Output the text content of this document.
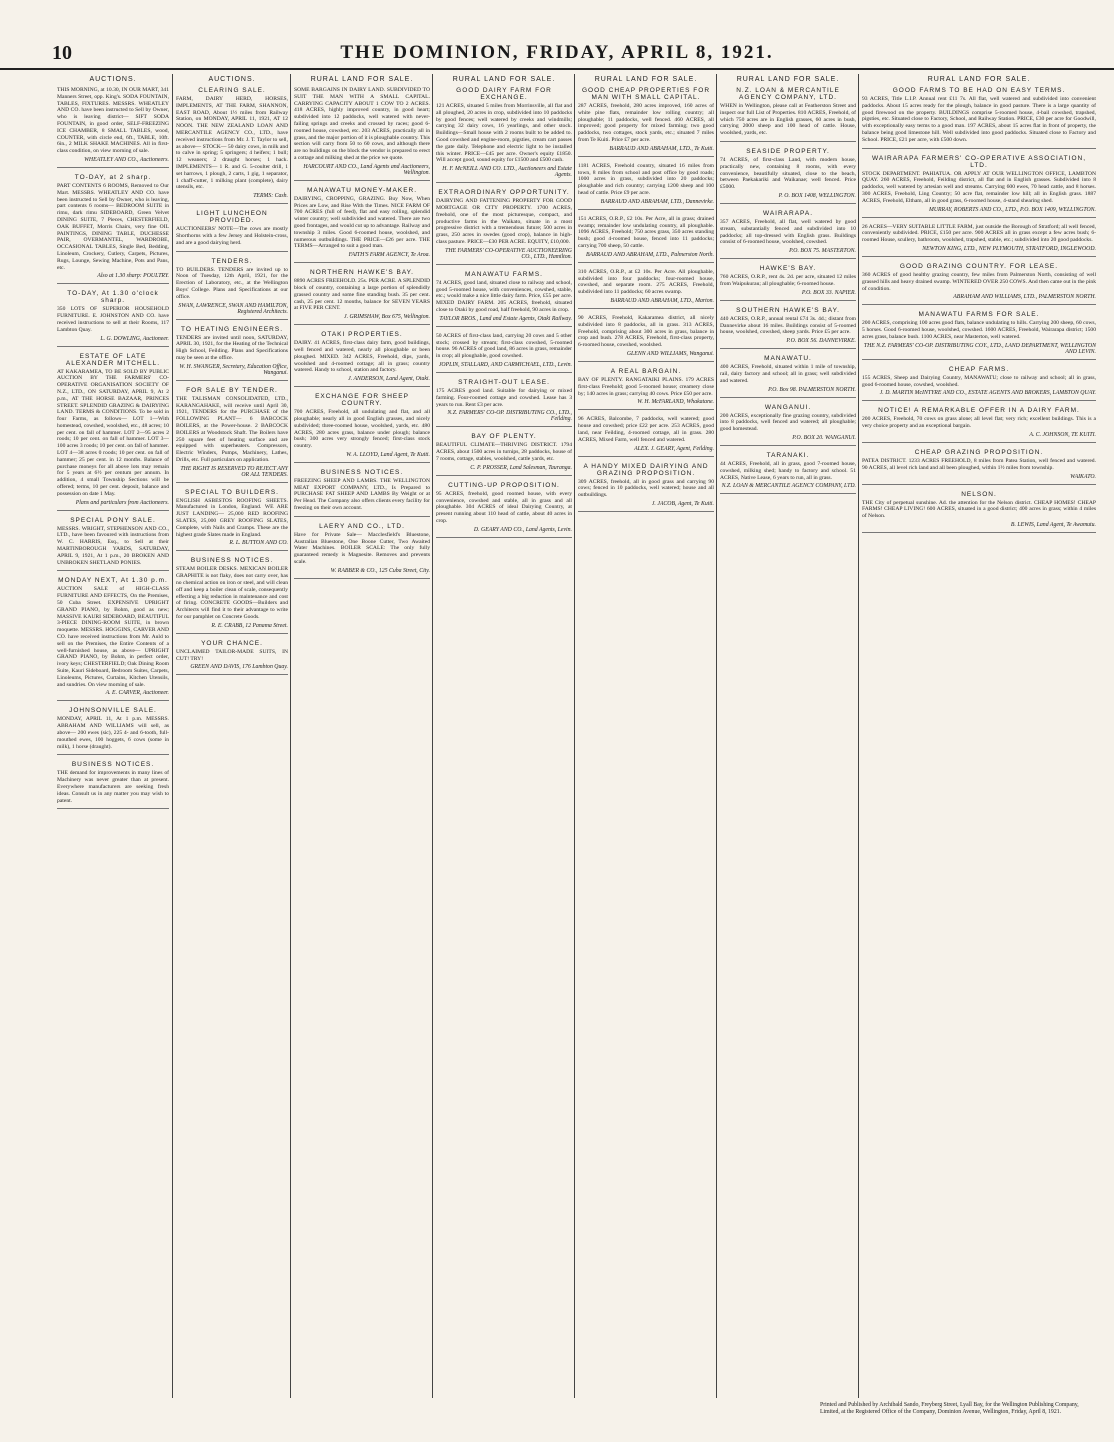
10	THE DOMINION, FRIDAY, APRIL 8, 1921.
AUCTIONS.
THIS MORNING, at 10.30, IN OUR MART, 341 Manners Street, opp. King's. SODA FOUNTAIN, TABLES, FIXTURES. MESSRS. WHEATLEY AND CO. have been instructed to Sell by Owner, who is leaving district— SIFT SODA FOUNTAIN, in good order, SELF-FREEZING ICE CHAMBER, 8 SMALL TABLES, wood, COUNTER, with circle end, 6ft., TABLE, 10ft. 6in., 2 MILK SHAKE MACHINES. All in first-class condition, on view morning of sale.
WHEATLEY AND CO., Auctioneers.
TO-DAY, at 2 sharp.
PART CONTENTS 6 ROOMS, Removed to Our Mart. MESSRS. WHEATLEY AND CO. have been instructed to Sell by Owner, who is leaving, part contents 6 rooms— BEDROOM SUITE in rimu, dark rimu SIDEBOARD, Green Velvet DINING SUITE, 7 Pieces, CHESTERFIELD, OAK BUFFET, Morris Chairs, very fine OIL PAINTINGS, DINING TABLE, DUCHESSE PAIR, OVERMANTEL, WARDROBE, OCCASIONAL TABLES, Single Bed, Bedding, Linoleum, Crockery, Cutlery, Carpets, Pictures, Rugs, Lounge, Sewing Machine, Pots and Pans, etc.
Also at 1.30 sharp: POULTRY.
TO-DAY, At 1.30 o'clock sharp.
350 LOTS OF SUPERIOR HOUSEHOLD FURNITURE. E. JOHNSTON AND CO. have received instructions to sell at their Rooms, 117 Lambton Quay.
L. G. DOWLING, Auctioneer.
ESTATE OF LATE ALEXANDER MITCHELL.
AT KAKARAMEA, TO BE SOLD BY PUBLIC AUCTION BY THE FARMERS' CO-OPERATIVE ORGANISATION SOCIETY OF N.Z., LTD., ON SATURDAY, APRIL 9, At 2 p.m., AT THE HORSE BAZAAR, PRINCES STREET. SPLENDID GRAZING & DAIRYING LAND. TERMS & CONDITIONS. To be sold in four Farms, as follows— LOT 1—With homestead, cowshed, woolshed, etc., 48 acres; 10 per cent. on fall of hammer. LOT 2—95 acres 2 roods; 10 per cent. on fall of hammer. LOT 3—100 acres 3 roods; 10 per cent. on fall of hammer. LOT 4—38 acres 0 roods; 10 per cent. on fall of hammer; 25 per cent. in 12 months. Balance of purchase moneys for all above lots may remain for 5 years at 6½ per centum per annum. In addition, 4 small Township Sections will be offered; terms, 10 per cent. deposit, balance and possession on date 1 May.
Plans and particulars from Auctioneers.
SPECIAL PONY SALE.
MESSRS. WRIGHT, STEPHENSON AND CO., LTD., have been favoured with instructions from W. C. HARRIS, Esq., to Sell at their MARTINBOROUGH YARDS, SATURDAY, APRIL 9, 1921, At 1 p.m., 20 BROKEN AND UNBROKEN SHETLAND PONIES.
MONDAY NEXT, At 1.30 p.m.
AUCTION SALE of HIGH-CLASS FURNITURE AND EFFECTS, On the Premises, 50 Cuba Street. EXPENSIVE UPRIGHT GRAND PIANO, by Bohm, good as new; MASSIVE KAURI SIDEBOARD, BEAUTIFUL 3-PIECE DINING-ROOM SUITE, in brown moquette. MESSRS. HOGGINS, CARVER AND CO. have received instructions from Mr. Auld to sell on the Premises, the Entire Contents of a well-furnished house, as above— UPRIGHT GRAND PIANO, by Bohm, in perfect order, ivory keys; CHESTERFIELD; Oak Dining Room Suite, Kauri Sideboard, Bedroom Suites, Carpets, Linoleums, Pictures, Curtains, Kitchen Utensils, and sundries. On view morning of sale.
A. E. CARVER, Auctioneer.
JOHNSONVILLE SALE.
MONDAY, APRIL 11, At 1 p.m. MESSRS. ABRAHAM AND WILLIAMS will sell, as above— 200 ewes (sic), 225 4- and 6-tooth, full-mouthed ewes, 100 hoggets, 6 cows (some in milk), 1 horse (draught).
BUSINESS NOTICES.
THE demand for improvements in many lines of Machinery was never greater than at present. Everywhere manufacturers are seeking fresh ideas. Consult us in any matter you may wish to patent.
AUCTIONS.
CLEARING SALE.
FARM, DAIRY HERD, HORSES, IMPLEMENTS, AT THE FARM, SHANNON, EAST ROAD, About 1½ miles from Railway Station, on MONDAY, APRIL 11, 1921, AT 12 NOON. THE NEW ZEALAND LOAN AND MERCANTILE AGENCY CO., LTD., have received instructions from Mr. J. T. Taylor to sell, as above— STOCK— 50 dairy cows, in milk and to calve in spring; 5 springers; 4 heifers; 1 bull; 12 weaners; 2 draught horses; 1 hack. IMPLEMENTS— 1 R. and G. 5-coulter drill, 1 set harrows, 1 plough, 2 carts, 1 gig, 1 separator, 1 chaff-cutter, 1 milking plant (complete), dairy utensils, etc.
TERMS: Cash.
LIGHT LUNCHEON PROVIDED.
AUCTIONEERS' NOTE—The cows are mostly Shorthorns with a few Jersey and Holstein-cross, and are a good dairying herd.
TENDERS.
TO BUILDERS. TENDERS are invited up to Noon of Tuesday, 12th April, 1921, for the Erection of Laboratory, etc., at the Wellington Boys' College. Plans and Specifications at our office.
SWAN, LAWRENCE, SWAN AND HAMILTON, Registered Architects.
TO HEATING ENGINEERS.
TENDERS are invited until noon, SATURDAY, APRIL 30, 1921, for the Heating of the Technical High School, Feilding. Plans and Specifications may be seen at the office.
W. H. SWANGER, Secretary, Education Office, Wanganui.
FOR SALE BY TENDER.
THE TALISMAN CONSOLIDATED, LTD., KARANGAHAKE, will receive until April 30, 1921, TENDERS for the PURCHASE of the FOLLOWING PLANT— 6 BABCOCK BOILERS, at the Power-house. 2 BABCOCK BOILERS at Woodstock Shaft. The Boilers have 250 square feet of heating surface and are equipped with superheaters. Compressors, Electric Winders, Pumps, Machinery, Lathes, Drills, etc. Full particulars on application.
THE RIGHT IS RESERVED TO REJECT ANY OR ALL TENDERS.
SPECIAL TO BUILDERS.
ENGLISH ASBESTOS ROOFING SHEETS. Manufactured in London, England. WE ARE JUST LANDING— 25,000 RED ROOFING SLATES, 25,000 GREY ROOFING SLATES, Complete, with Nails and Cramps. These are the highest grade Slates made in England.
R. L. BUTTON AND CO.
BUSINESS NOTICES.
STEAM BOILER DESKS. MEXICAN BOILER GRAPHITE is not flaky, does not carry over, has no chemical action on iron or steel, and will clean off and keep a boiler clean of scale, consequently effecting a big reduction in maintenance and cost of firing. CONCRETE GOODS—Builders and Architects will find it to their advantage to write for our pamphlet on Concrete Goods.
R. E. CRABB, 12 Panama Street.
YOUR CHANCE.
UNCLAIMED TAILOR-MADE SUITS, IN CUT! TRY!
GREEN AND DAVIS, 176 Lambton Quay.
RURAL LAND FOR SALE.
SOME BARGAINS IN DAIRY LAND. SUBDIVIDED TO SUIT THE MAN WITH A SMALL CAPITAL. CARRYING CAPACITY ABOUT 1 COW TO 2 ACRES. 418 ACRES, highly improved country, in good heart; subdivided into 12 paddocks, well watered with never-failing springs and creeks and crossed by races; good 6-roomed house, cowshed, etc. 203 ACRES, practically all in grass, and the major portion of it is ploughable country. This section will carry from 50 to 60 cows, and although there are no buildings on the block the vendor is prepared to erect a cottage and milking shed at the price we quote.
HARCOURT AND CO., Land Agents and Auctioneers, Wellington.
MANAWATU MONEY-MAKER.
DAIRYING, CROPPING, GRAZING. Buy Now, When Prices are Low, and Rise With the Times. NICE FARM OF 700 ACRES (full of feed), flat and easy rolling, splendid winter country; well subdivided and watered. There are two good frontages, and would cut up to advantage. Railway and township 3 miles. Good 6-roomed house, woolshed, and numerous outbuildings. THE PRICE—£26 per acre. THE TERMS—Arranged to suit a good man.
FAITH'S FARM AGENCY, Te Aroa.
NORTHERN HAWKE'S BAY.
8890 ACRES FREEHOLD. 25s. PER ACRE. A SPLENDID block of country, containing a large portion of splendidly grassed country and some fine standing bush. 35 per cent. cash, 25 per cent. 12 months, balance for SEVEN YEARS at FIVE PER CENT.
J. GRIMSHAW, Box 675, Wellington.
OTAKI PROPERTIES.
DAIRY. 41 ACRES, first-class dairy farm, good buildings, well fenced and watered, nearly all ploughable or been ploughed. MIXED. 342 ACRES, Freehold, dips, yards, woolshed and 4-roomed cottage; all in grass; country watered. Handy to school, station and factory.
J. ANDERSON, Land Agent, Otaki.
EXCHANGE FOR SHEEP COUNTRY.
700 ACRES, Freehold, all undulating and flat, and all ploughable; nearly all in good English grasses, and nicely subdivided; three-roomed house, woolshed, yards, etc. 480 ACRES, 280 acres grass, balance under plough; balance bush; 300 acres very strongly fenced; first-class stock country.
W. A. LLOYD, Land Agent, Te Kuiti.
BUSINESS NOTICES.
FREEZING SHEEP AND LAMBS. THE WELLINGTON MEAT EXPORT COMPANY, LTD., Is Prepared to PURCHASE FAT SHEEP AND LAMBS By Weight or at Per Head. The Company also offers clients every facility for freezing on their own account.
LAERY AND CO., LTD.
Have for Private Sale— Macclesfield's Bluestone, Australian Bluestone, One Boone Cutter, Two Awaited Water Machines. BOILER SCALE: The only fully guaranteed remedy is Magnesite. Removes and prevents scale.
W. RABBER & CO., 125 Cuba Street, City.
RURAL LAND FOR SALE.
GOOD DAIRY FARM FOR EXCHANGE.
121 ACRES, situated 5 miles from Morrinsville, all flat and all ploughed, 20 acres in crop, subdivided into 10 paddocks by good fences; well watered by creeks and windmills; carrying 32 dairy cows, 16 yearlings, and other stock. Buildings—Small house with 2 rooms built to be added to. Good cowshed and engine-room, pigsties, cream cart passes the gate daily. Telephone and electric light to be installed this winter. PRICE—£45 per acre. Owner's equity £1850. Will accept good, sound equity for £1500 and £500 cash.
H. F. McNEILL AND CO. LTD., Auctioneers and Estate Agents.
EXTRAORDINARY OPPORTUNITY.
DAIRYING AND FATTENING PROPERTY FOR GOOD MORTGAGE OR CITY PROPERTY. 1700 ACRES, freehold, one of the most picturesque, compact, and productive farms in the Waikato, situate in a most progressive district with a tremendous future; 500 acres in grass, 250 acres in swedes (good crop), balance in high-class pasture. PRICE—£30 PER ACRE. EQUITY, £10,000.
THE FARMERS' CO-OPERATIVE AUCTIONEERING CO., LTD., Hamilton.
MANAWATU FARMS.
74 ACRES, good land, situated close to railway and school, good 5-roomed house, with conveniences, cowshed, stable, etc.; would make a nice little dairy farm. Price, £55 per acre. MIXED DAIRY FARM. 205 ACRES, freehold, situated close to Otaki by good road, half freehold, 90 acres in crop.
TAYLOR BROS., Land and Estate Agents, Otaki Railway.
50 ACRES of first-class land, carrying 20 cows and 5 other stock; crossed by stream; first-class cowshed, 5-roomed house. 96 ACRES of good land, 86 acres in grass, remainder in crop; all ploughable, good cowshed.
JOPLIN, STALLARD, AND CARMICHAEL, LTD., Levin.
STRAIGHT-OUT LEASE.
175 ACRES good land. Suitable for dairying or mixed farming. Four-roomed cottage and cowshed. Lease has 3 years to run. Rent £3 per acre.
N.Z. FARMERS' CO-OP. DISTRIBUTING CO., LTD., Feilding.
BAY OF PLENTY.
BEAUTIFUL CLIMATE—THRIVING DISTRICT. 1794 ACRES, about 1500 acres in turnips, 28 paddocks, house of 7 rooms, cottage, stables, woolshed, cattle yards, etc.
C. P. PROSSER, Land Salesman, Tauranga.
CUTTING-UP PROPOSITION.
95 ACRES, freehold, good roomed house, with every convenience, cowshed and stable, all in grass and all ploughable. 304 ACRES of ideal Dairying Country, at present running about 110 head of cattle, about 40 acres in crop.
D. GEARY AND CO., Land Agents, Levin.
RURAL LAND FOR SALE.
GOOD CHEAP PROPERTIES FOR MAN WITH SMALL CAPITAL.
287 ACRES, freehold, 280 acres improved, 160 acres of white pine flats, remainder low rolling country; all ploughable; 11 paddocks, well fenced. 460 ACRES, all improved; good property for mixed farming; two good paddocks, two cottages, stock yards, etc.; situated 7 miles from Te Kuiti. Price £7 per acre.
BARRAUD AND ABRAHAM, LTD., Te Kuiti.
1181 ACRES, Freehold country, situated 16 miles from town, 8 miles from school and post office by good roads; 1000 acres in grass, subdivided into 20 paddocks; ploughable and rich country; carrying 1200 sheep and 100 head of cattle. Price £9 per acre.
BARRAUD AND ABRAHAM, LTD., Dannevirke.
151 ACRES, O.R.P., £2 10s. Per Acre, all in grass; drained swamp; remainder low undulating country, all ploughable. 1096 ACRES, Freehold; 750 acres grass, 350 acres standing bush; good 4-roomed house, fenced into 11 paddocks; carrying 700 sheep, 50 cattle.
BARRAUD AND ABRAHAM, LTD., Palmerston North.
310 ACRES, O.R.P., at £2 10s. Per Acre. All ploughable, subdivided into four paddocks; four-roomed house, cowshed, and separate room. 275 ACRES, Freehold, subdivided into 11 paddocks; 60 acres swamp.
BARRAUD AND ABRAHAM, LTD., Marton.
90 ACRES, Freehold, Kakaramea district, all nicely subdivided into 8 paddocks, all in grass. 313 ACRES, Freehold, comprising about 300 acres in grass, balance in crop and bush. 278 ACRES, Freehold, first-class property, 6-roomed house, cowshed, woolshed.
GLENN AND WILLIAMS, Wanganui.
A REAL BARGAIN.
BAY OF PLENTY. RANGATAIKI PLAINS. 179 ACRES first-class Freehold; good 5-roomed house; creamery close by; 140 acres in grass; carrying 40 cows. Price £50 per acre.
W. H. McFARLAND, Whakatane.
96 ACRES, Balcombe, 7 paddocks, well watered; good house and cowshed; price £22 per acre. 253 ACRES, good land, near Feilding, 4-roomed cottage, all in grass. 280 ACRES, Mixed Farm, well fenced and watered.
ALEX. J. GEARY, Agent, Feilding.
A HANDY MIXED DAIRYING AND GRAZING PROPOSITION.
309 ACRES, freehold, all in good grass and carrying 90 cows; fenced in 10 paddocks, well watered; house and all outbuildings.
J. JACOB, Agent, Te Kuiti.
RURAL LAND FOR SALE.
N.Z. LOAN & MERCANTILE AGENCY COMPANY, LTD.
WHEN in Wellington, please call at Featherston Street and inspect our full List of Properties. 810 ACRES, Freehold, of which 750 acres are in English grasses, 60 acres in bush, carrying 2000 sheep and 100 head of cattle. House, woolshed, yards, etc.
SEASIDE PROPERTY.
74 ACRES, of first-class Land, with modern house, practically new, containing 8 rooms, with every convenience, beautifully situated, close to the beach, between Paekakariki and Waikanae; well fenced. Price £5000.
P. O. BOX 1408, WELLINGTON.
WAIRARAPA.
357 ACRES, Freehold, all flat, well watered by good stream, substantially fenced and subdivided into 10 paddocks; all top-dressed with English grass. Buildings consist of 6-roomed house, woolshed, cowshed.
P.O. BOX 75. MASTERTON.
HAWKE'S BAY.
760 ACRES, O.R.P., rent 4s. 2d. per acre, situated 12 miles from Waipukurau; all ploughable; 6-roomed house.
P.O. BOX 33. NAPIER.
SOUTHERN HAWKE'S BAY.
440 ACRES, O.R.P., annual rental £74 3s. 4d.; distant from Dannevirke about 16 miles. Buildings consist of 5-roomed house, woolshed, cowshed, sheep yards. Price £5 per acre.
P.O. BOX 56. DANNEVIRKE.
MANAWATU.
400 ACRES, Freehold, situated within 1 mile of township, rail, dairy factory and school; all in grass; well subdivided and watered.
P.O. Box 98. PALMERSTON NORTH.
WANGANUI.
200 ACRES, exceptionally fine grazing country, subdivided into 8 paddocks, well fenced and watered; all ploughable; good homestead.
P.O. BOX 20. WANGANUI.
TARANAKI.
44 ACRES, Freehold, all in grass, good 7-roomed house, cowshed, milking shed; handy to factory and school. 51 ACRES, Native Lease, 6 years to run, all in grass.
N.Z. LOAN & MERCANTILE AGENCY COMPANY, LTD.
RURAL LAND FOR SALE.
GOOD FARMS TO BE HAD ON EASY TERMS.
93 ACRES, Title L.I.P. Annual rent £11 7s. All flat, well watered and subdivided into convenient paddocks. About 15 acres ready for the plough, balance in good pasture. There is a large quantity of good firewood on the property. BUILDINGS comprise 5-roomed house, 4-bail cowshed, trapshed, pigsties, etc. Situated close to Factory, School, and Railway Station. PRICE, £30 per acre for Goodwill, with exceptionally easy terms to a good man. 197 ACRES, about 15 acres flat in front of property, the balance being good limestone hill. Well subdivided into good paddocks. Situated close to Factory and School. PRICE, £21 per acre, with £500 down.
WAIRARAPA FARMERS' CO-OPERATIVE ASSOCIATION, LTD.
STOCK DEPARTMENT. PAHIATUA. OR APPLY AT OUR WELLINGTON OFFICE, LAMBTON QUAY. 260 ACRES, Freehold, Feilding district, all flat and in English grasses. Subdivided into 8 paddocks, well watered by artesian well and streams. Carrying 600 ewes, 70 head cattle, and 8 horses. 300 ACRES, Freehold, Ling Country; 50 acre flat, remainder low hill; all in English grass. 1887 ACRES, Freehold, Eltham, all in good grass, 6-roomed house, 4-stand shearing shed.
MURRAY, ROBERTS AND CO., LTD., P.O. BOX 1409, WELLINGTON.
26 ACRES—VERY SUITABLE LITTLE FARM, just outside the Borough of Stratford; all well fenced, conveniently subdivided. PRICE, £150 per acre. 900 ACRES all in grass except a few acres bush; 6-roomed House, scullery, bathroom, woolshed, trapshed, stable, etc.; subdivided into 20 good paddocks.
NEWTON KING, LTD., NEW PLYMOUTH, STRATFORD, INGLEWOOD.
GOOD GRAZING COUNTRY. FOR LEASE.
360 ACRES of good healthy grazing country, few miles from Palmerston North, consisting of well grassed hills and heavy drained swamp. WINTERED OVER 250 COWS. And then came out in the pink of condition.
ABRAHAM AND WILLIAMS, LTD., PALMERSTON NORTH.
MANAWATU FARMS FOR SALE.
200 ACRES, comprising 100 acres good flats, balance undulating to hills. Carrying 200 sheep, 60 cows, 5 horses. Good 6-roomed house, woolshed, cowshed. 1600 ACRES, Freehold, Wairarapa district; 1500 acres grass, balance bush. 1100 ACRES, near Masterton, well watered.
THE N.Z. FARMERS' CO-OP. DISTRIBUTING COY., LTD., LAND DEPARTMENT, WELLINGTON AND LEVIN.
CHEAP FARMS.
155 ACRES, Sheep and Dairying Country, MANAWATU; close to railway and school; all in grass, good 6-roomed house, cowshed, woolshed.
J. D. MARTIN McINTYRE AND CO., ESTATE AGENTS AND BROKERS, LAMBTON QUAY.
NOTICE! A REMARKABLE OFFER IN A DAIRY FARM.
200 ACRES, Freehold, 70 cows on grass alone; all level flat; very rich; excellent buildings. This is a very choice property and an exceptional bargain.
A. C. JOHNSON, TE KUITI.
CHEAP GRAZING PROPOSITION.
PATEA DISTRICT. 1233 ACRES FREEHOLD, 8 miles from Patea Station, well fenced and watered. 90 ACRES, all level rich land and all been ploughed, within 1½ miles from township.
WAIKATO.
NELSON.
THE City of perpetual sunshine. Ad. the attention for the Nelson district. CHEAP HOMES! CHEAP FARMS! CHEAP LIVING! 600 ACRES, situated in a good district; 400 acres in grass; within 4 miles of Nelson.
B. LEWIS, Land Agent, Te Awamutu.
Printed and Published by Archibald Sando, Freyberg Street, Lyall Bay, for the Wellington Publishing Company, Limited, at the Registered Office of the Company, Dominion Avenue, Wellington, Friday, April 8, 1921.
